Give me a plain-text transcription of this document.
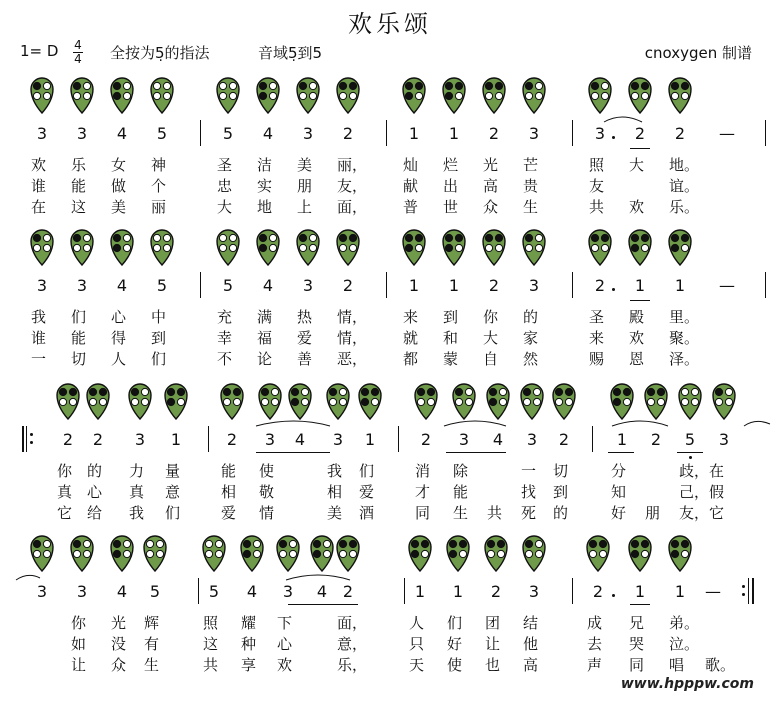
欢乐颂
1= D 4
4 全按为5̣的指法	音域5̣到5	cnoxygen 制谱
3	3	4	5	5	4	3	2	1	1	2	3	3	2	2	—
欢	乐	女	神	圣	洁	美	丽， 灿	烂	光	芒	照	大	地。
谁	能	做	个	忠	实	朋	友， 献	出	高	贵	友	谊。
在	这	美	丽	大	地	上	面， 普	世	众	生	共	欢	乐。
3	3	4	5	5	4	3	2	1	1	2	3	2	1	1	—
我	们	心	中	充	满	热	情， 来	到	你	的	圣	殿	里。
谁	能	得	到	幸	福	爱	情， 就	和	大	家	来	欢	聚。
一	切	人	们	不	论	善	恶， 都	蒙	自	然	赐	恩	泽。
2	2	3	1	2	3	4	3	1	2	3	4	3	2	1	2	5	3
你 的	力	量	能	使	我	们	消	除	一	切	分	歧，在
真 心	真	意	相	敬	相	爱	才	能	找	到	知	己，假
它 给	我	们	爱	情	美	酒	同	生	共	死	的	好	朋	友，它
3	3	4	5	5	4	3	4 2	1	1	2	3	2	1	1	—
你	光	辉	照	耀	下	面，	人	们	团	结	成	兄	弟。
如	没	有	这	种	心	意，	只	好	让	他	去	哭	泣。
让	众	生	共	享	欢	乐，	天	使	也	高	声	同	唱	歌。
www.hpppw.com
